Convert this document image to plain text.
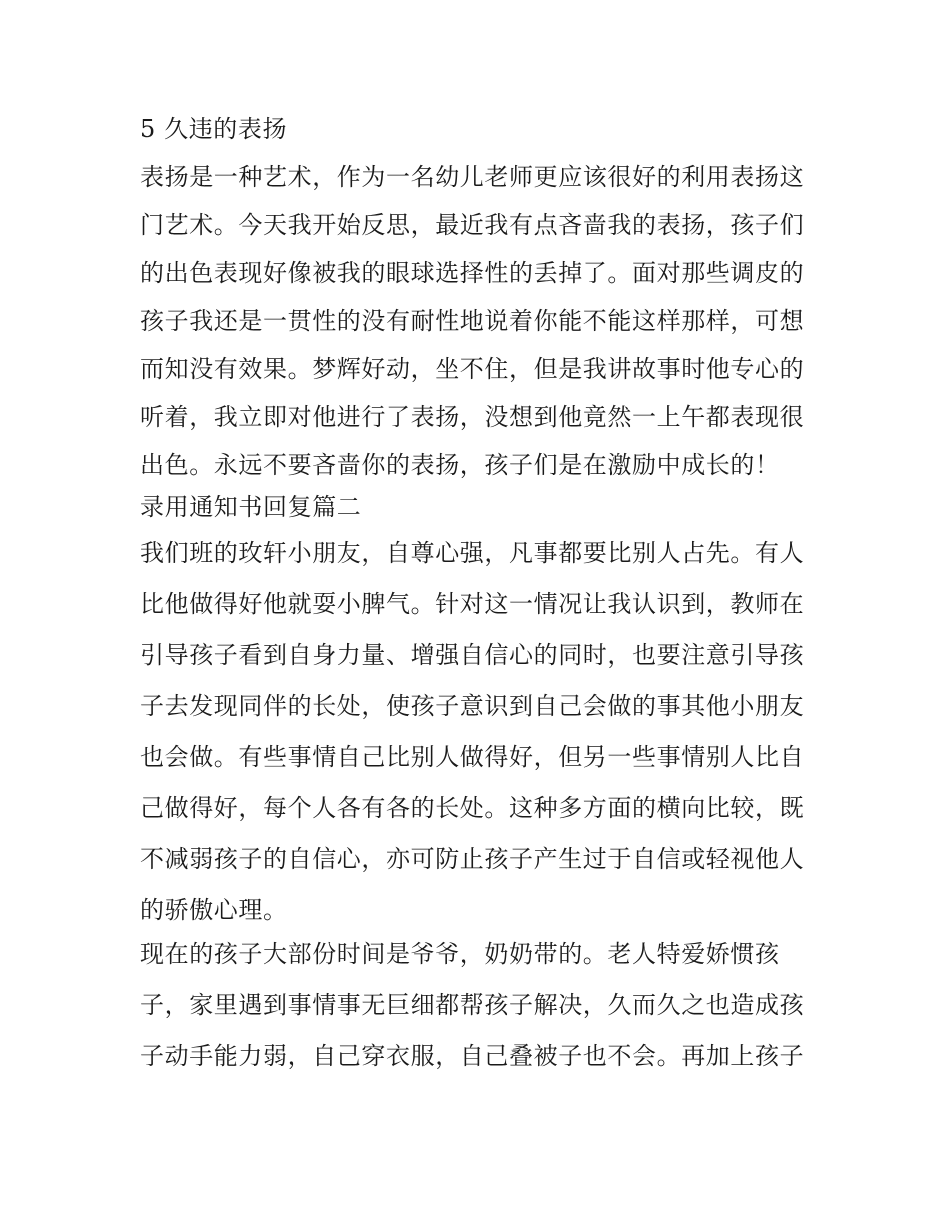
5 久违的表扬
表扬是一种艺术，作为一名幼儿老师更应该很好的利用表扬这
门艺术。今天我开始反思，最近我有点吝啬我的表扬，孩子们
的出色表现好像被我的眼球选择性的丢掉了。面对那些调皮的
孩子我还是一贯性的没有耐性地说着你能不能这样那样，可想
而知没有效果。梦辉好动，坐不住，但是我讲故事时他专心的
听着，我立即对他进行了表扬，没想到他竟然一上午都表现很
出色。永远不要吝啬你的表扬，孩子们是在激励中成长的！
录用通知书回复篇二
我们班的玫轩小朋友，自尊心强，凡事都要比别人占先。有人
比他做得好他就耍小脾气。针对这一情况让我认识到，教师在
引导孩子看到自身力量、增强自信心的同时，也要注意引导孩
子去发现同伴的长处，使孩子意识到自己会做的事其他小朋友
也会做。有些事情自己比别人做得好，但另一些事情别人比自
己做得好，每个人各有各的长处。这种多方面的横向比较，既
不减弱孩子的自信心，亦可防止孩子产生过于自信或轻视他人
的骄傲心理。
现在的孩子大部份时间是爷爷，奶奶带的。老人特爱娇惯孩
子，家里遇到事情事无巨细都帮孩子解决，久而久之也造成孩
子动手能力弱，自己穿衣服，自己叠被子也不会。再加上孩子
